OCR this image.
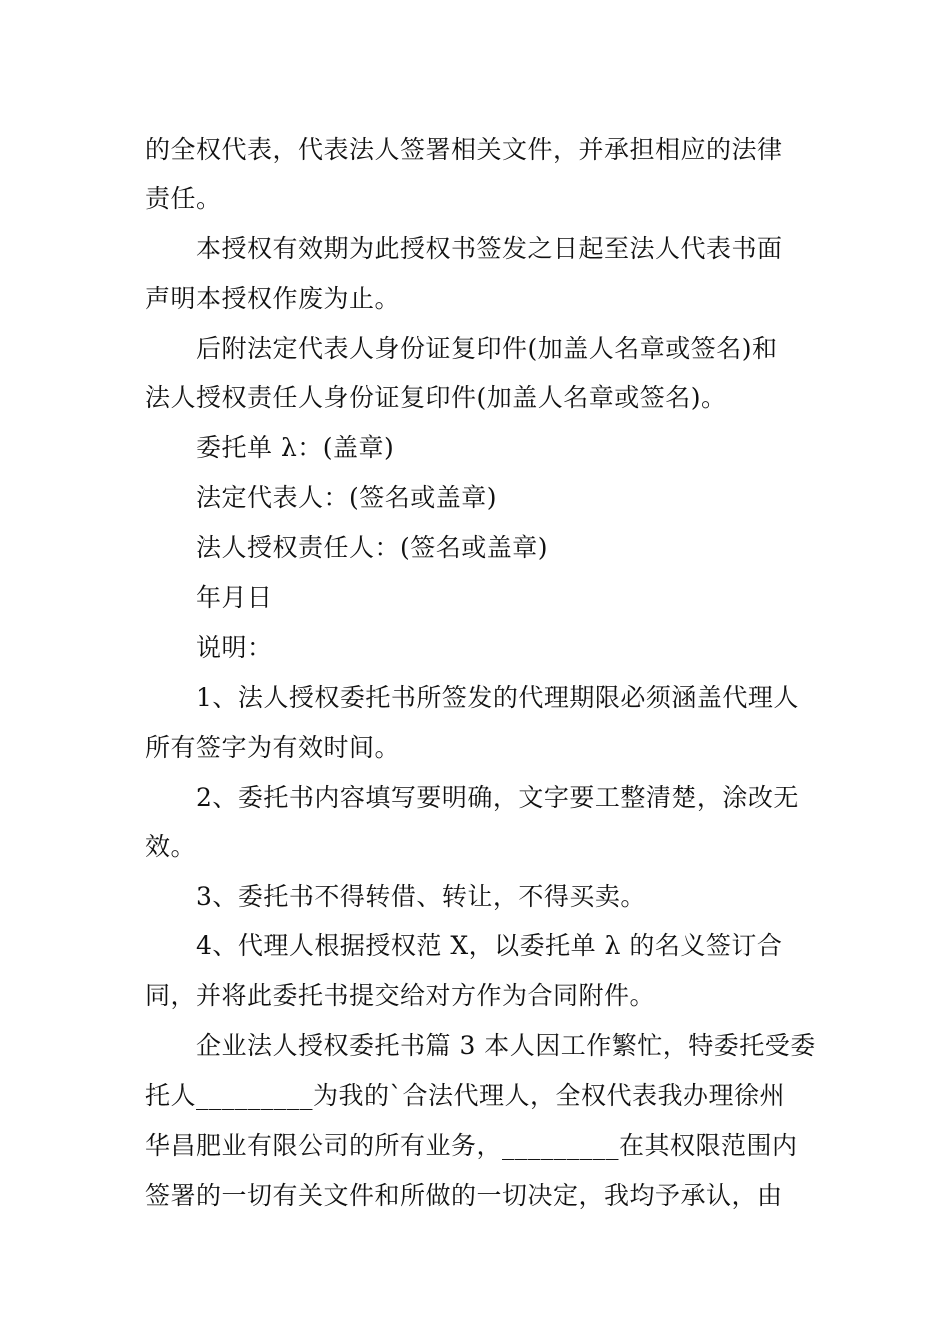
的全权代表，代表法人签署相关文件，并承担相应的法律
责任。
本授权有效期为此授权书签发之日起至法人代表书面
声明本授权作废为止。
后附法定代表人身份证复印件(加盖人名章或签名)和
法人授权责任人身份证复印件(加盖人名章或签名)。
委托单 λ：(盖章)
法定代表人：(签名或盖章)
法人授权责任人：(签名或盖章)
年月日
说明：
1、法人授权委托书所签发的代理期限必须涵盖代理人
所有签字为有效时间。
2、委托书内容填写要明确，文字要工整清楚，涂改无
效。
3、委托书不得转借、转让，不得买卖。
4、代理人根据授权范 X，以委托单 λ 的名义签订合
同，并将此委托书提交给对方作为合同附件。
企业法人授权委托书篇 3 本人因工作繁忙，特委托受委
托人_________为我的`合法代理人，全权代表我办理徐州
华昌肥业有限公司的所有业务，_________在其权限范围内
签署的一切有关文件和所做的一切决定，我均予承认，由
